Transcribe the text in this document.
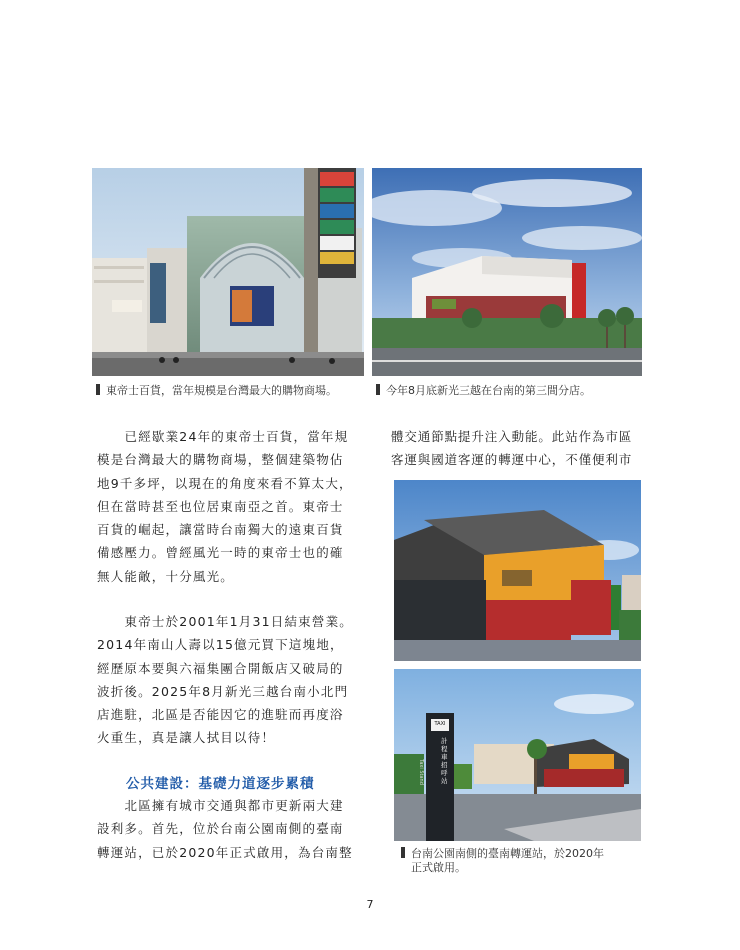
東帝士百貨，當年規模是台灣最大的購物商場。	今年8月底新光三越在台南的第三間分店。

已經歇業24年的東帝士百貨，當年規模是台灣最大的購物商場，整個建築物佔地9千多坪，以現在的角度來看不算太大，但在當時甚至也位居東南亞之首。東帝士百貨的崛起，讓當時台南獨大的遠東百貨備感壓力。曾經風光一時的東帝士也的確無人能敵，十分風光。

東帝士於2001年1月31日結束營業。2014年南山人壽以15億元買下這塊地，經歷原本要與六福集團合開飯店又破局的波折後。2025年8月新光三越台南小北門店進駐，北區是否能因它的進駐而再度浴火重生，真是讓人拭目以待！

公共建設：基礎力道逐步累積

北區擁有城市交通與都市更新兩大建設利多。首先，位於台南公園南側的臺南轉運站，已於2020年正式啟用，為台南整

體交通節點提升注入動能。此站作為市區客運與國道客運的轉運中心，不僅便利市

TAXI
計程車招呼站
Taxi Stand
台南公園南側的臺南轉運站，於2020年
正式啟用。
7
